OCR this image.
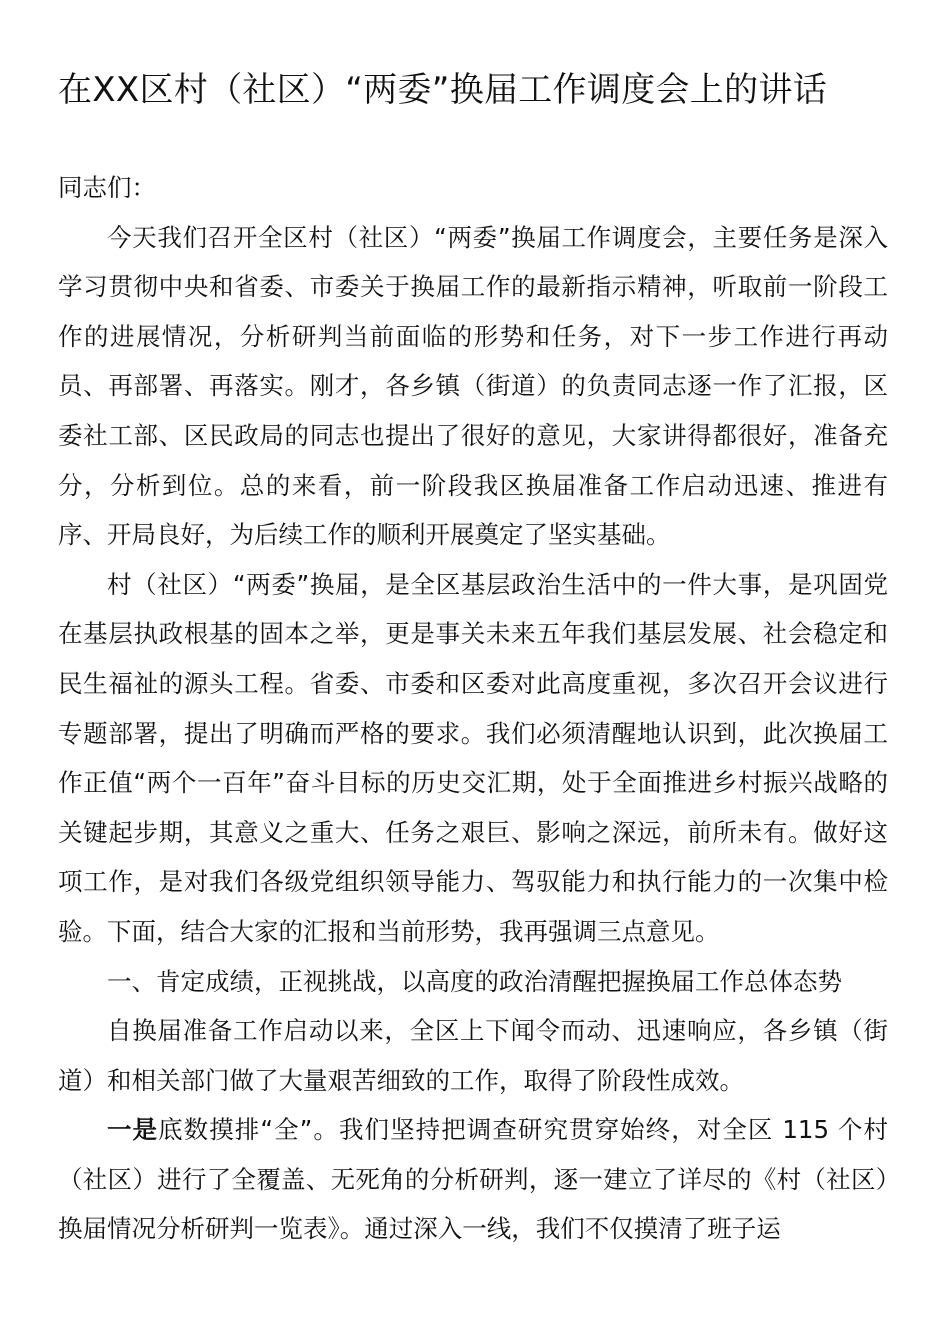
在XX区村（社区）“两委”换届工作调度会上的讲话

同志们：

今天我们召开全区村（社区）“两委”换届工作调度会，主要任务是深入学习贯彻中央和省委、市委关于换届工作的最新指示精神，听取前一阶段工作的进展情况，分析研判当前面临的形势和任务，对下一步工作进行再动员、再部署、再落实。刚才，各乡镇（街道）的负责同志逐一作了汇报，区委社工部、区民政局的同志也提出了很好的意见，大家讲得都很好，准备充分，分析到位。总的来看，前一阶段我区换届准备工作启动迅速、推进有序、开局良好，为后续工作的顺利开展奠定了坚实基础。

村（社区）“两委”换届，是全区基层政治生活中的一件大事，是巩固党在基层执政根基的固本之举，更是事关未来五年我们基层发展、社会稳定和民生福祉的源头工程。省委、市委和区委对此高度重视，多次召开会议进行专题部署，提出了明确而严格的要求。我们必须清醒地认识到，此次换届工作正值“两个一百年”奋斗目标的历史交汇期，处于全面推进乡村振兴战略的关键起步期，其意义之重大、任务之艰巨、影响之深远，前所未有。做好这项工作，是对我们各级党组织领导能力、驾驭能力和执行能力的一次集中检验。下面，结合大家的汇报和当前形势，我再强调三点意见。

一、肯定成绩，正视挑战，以高度的政治清醒把握换届工作总体态势

自换届准备工作启动以来，全区上下闻令而动、迅速响应，各乡镇（街道）和相关部门做了大量艰苦细致的工作，取得了阶段性成效。

一是底数摸排“全”。我们坚持把调查研究贯穿始终，对全区 115 个村（社区）进行了全覆盖、无死角的分析研判，逐一建立了详尽的《村（社区）换届情况分析研判一览表》。通过深入一线，我们不仅摸清了班子运
